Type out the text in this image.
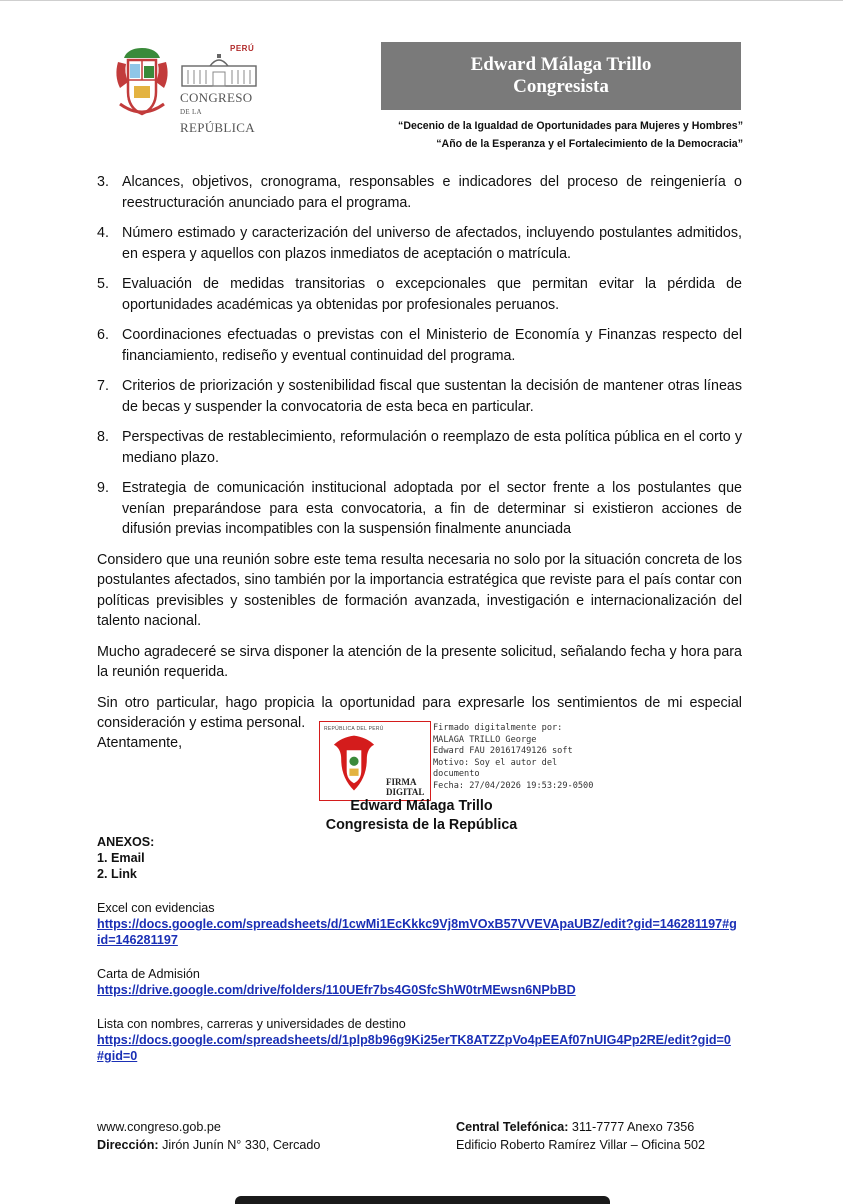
PERÚ
CONGRESO
DE LA
REPÚBLICA
Edward Málaga Trillo
Congresista
“Decenio de la Igualdad de Oportunidades para Mujeres y Hombres”
“Año de la Esperanza y el Fortalecimiento de la Democracia”
3. Alcances, objetivos, cronograma, responsables e indicadores del proceso de reingeniería o reestructuración anunciado para el programa.
4. Número estimado y caracterización del universo de afectados, incluyendo postulantes admitidos, en espera y aquellos con plazos inmediatos de aceptación o matrícula.
5. Evaluación de medidas transitorias o excepcionales que permitan evitar la pérdida de oportunidades académicas ya obtenidas por profesionales peruanos.
6. Coordinaciones efectuadas o previstas con el Ministerio de Economía y Finanzas respecto del financiamiento, rediseño y eventual continuidad del programa.
7. Criterios de priorización y sostenibilidad fiscal que sustentan la decisión de mantener otras líneas de becas y suspender la convocatoria de esta beca en particular.
8. Perspectivas de restablecimiento, reformulación o reemplazo de esta política pública en el corto y mediano plazo.
9. Estrategia de comunicación institucional adoptada por el sector frente a los postulantes que venían preparándose para esta convocatoria, a fin de determinar si existieron acciones de difusión previas incompatibles con la suspensión finalmente anunciada

Considero que una reunión sobre este tema resulta necesaria no solo por la situación concreta de los postulantes afectados, sino también por la importancia estratégica que reviste para el país contar con políticas previsibles y sostenibles de formación avanzada, investigación e internacionalización del talento nacional.

Mucho agradeceré se sirva disponer la atención de la presente solicitud, señalando fecha y hora para la reunión requerida.

Sin otro particular, hago propicia la oportunidad para expresarle los sentimientos de mi especial consideración y estima personal.

Atentamente,
REPÚBLICA DEL PERÚ
FIRMA
DIGITAL
Firmado digitalmente por:
MALAGA TRILLO George
Edward FAU 20161749126 soft
Motivo: Soy el autor del
documento
Fecha: 27/04/2026 19:53:29-0500
Edward Málaga Trillo
Congresista de la República
ANEXOS:
1. Email
2. Link
Excel con evidencias
https://docs.google.com/spreadsheets/d/1cwMi1EcKkkc9Vj8mVOxB57VVEVApaUBZ/edit?gid=146281197#gid=146281197
Carta de Admisión
https://drive.google.com/drive/folders/110UEfr7bs4G0SfcShW0trMEwsn6NPbBD
Lista con nombres, carreras y universidades de destino
https://docs.google.com/spreadsheets/d/1plp8b96g9Ki25erTK8ATZZpVo4pEEAf07nUIG4Pp2RE/edit?gid=0#gid=0
www.congreso.gob.pe
Dirección: Jirón Junín N° 330, Cercado
Central Telefónica: 311-7777 Anexo 7356
Edificio Roberto Ramírez Villar – Oficina 502
